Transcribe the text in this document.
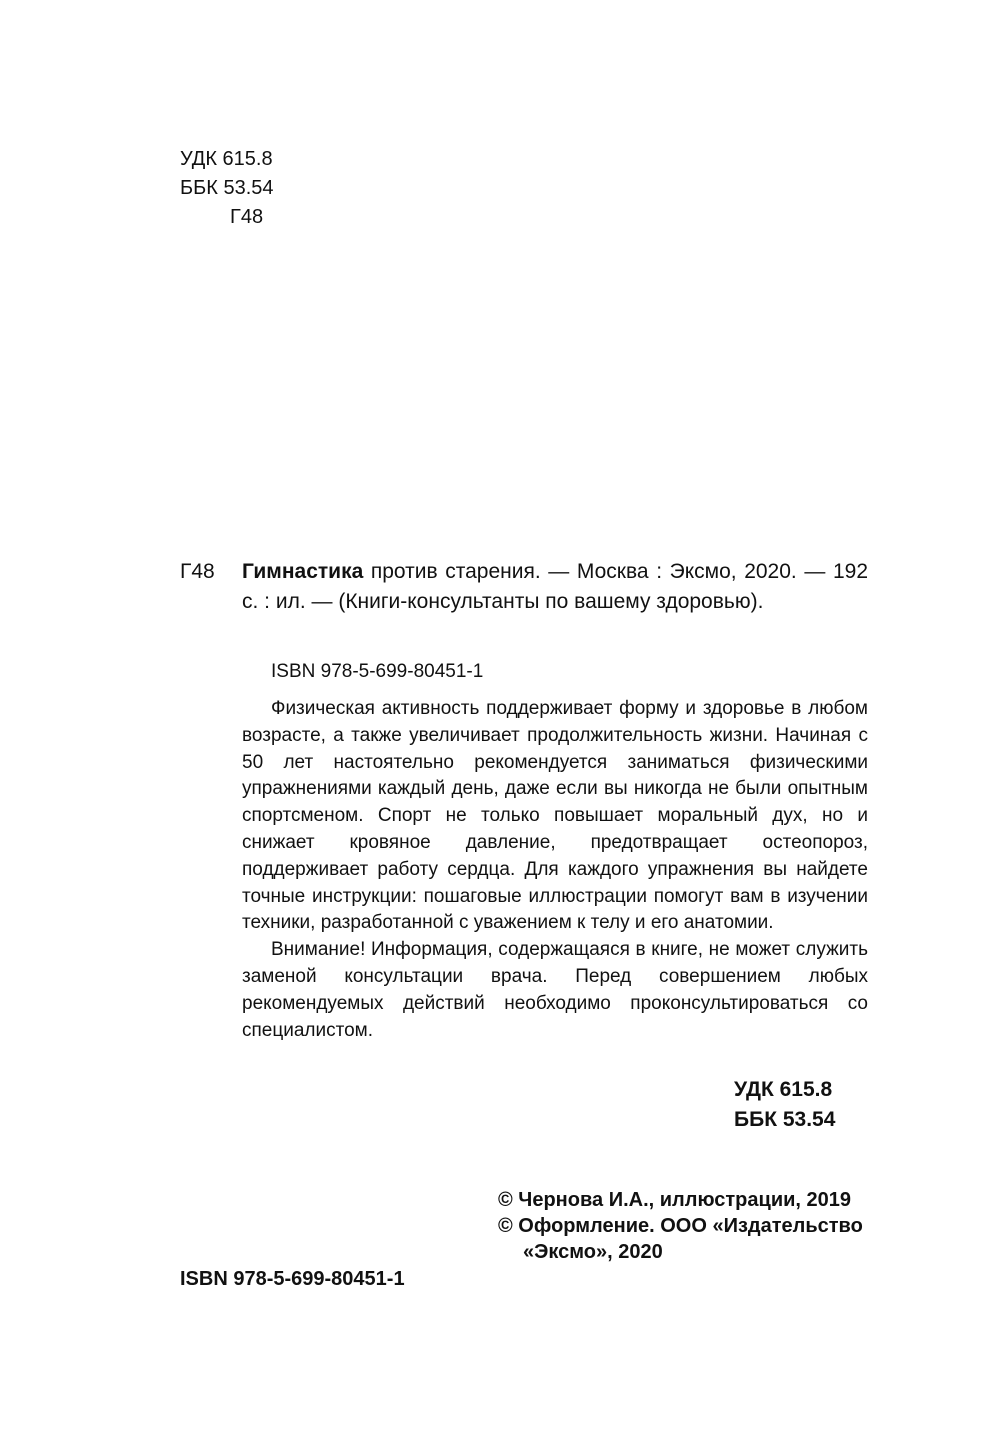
УДК 615.8
ББК 53.54
Г48
Г48 Гимнастика против старения. — Москва : Эксмо, 2020. — 192 с. : ил. — (Книги-консультанты по вашему здоровью).
ISBN 978-5-699-80451-1

Физическая активность поддерживает форму и здоровье в любом возрасте, а также увеличивает продолжительность жизни. Начиная с 50 лет настоятельно рекомендуется заниматься физическими упражнениями каждый день, даже если вы никогда не были опытным спортсменом. Спорт не только повышает моральный дух, но и снижает кровяное давление, предотвращает остеопороз, поддерживает работу сердца. Для каждого упражнения вы найдете точные инструкции: пошаговые иллюстрации помогут вам в изучении техники, разработанной с уважением к телу и его анатомии.

Внимание! Информация, содержащаяся в книге, не может служить заменой консультации врача. Перед совершением любых рекомендуемых действий необходимо проконсультироваться со специалистом.

УДК 615.8
ББК 53.54
© Чернова И.А., иллюстрации, 2019
© Оформление. ООО «Издательство «Эксмо», 2020
ISBN 978-5-699-80451-1
